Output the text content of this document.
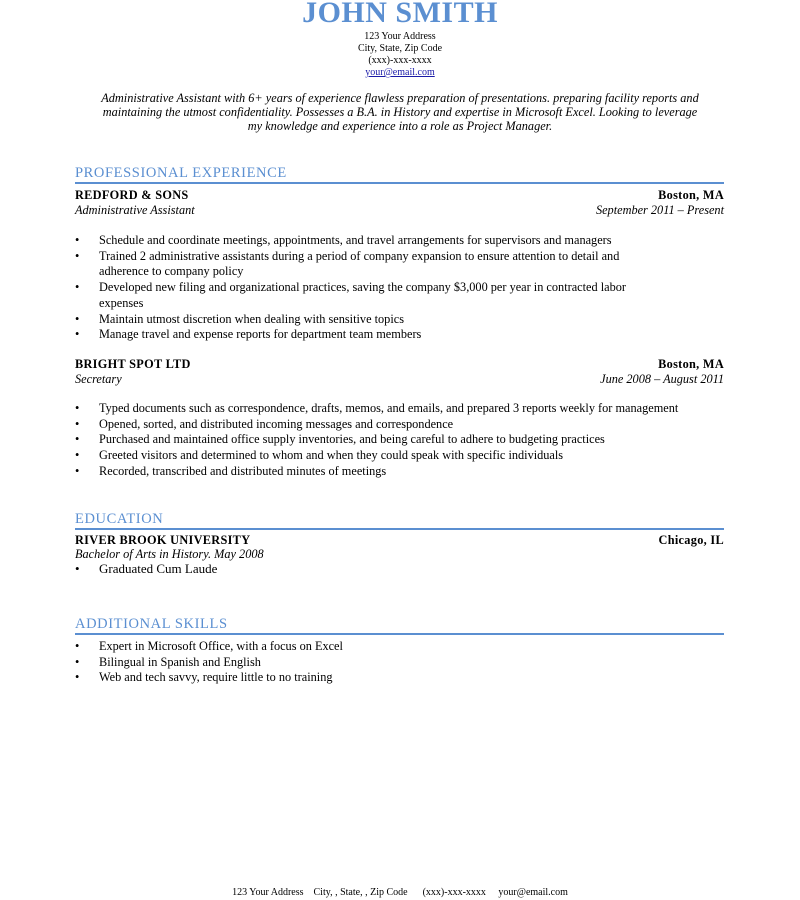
JOHN SMITH
123 Your Address
City, State, Zip Code
(xxx)-xxx-xxxx
your@email.com
Administrative Assistant with 6+ years of experience flawless preparation of presentations. preparing facility reports and
maintaining the utmost confidentiality. Possesses a B.A. in History and expertise in Microsoft Excel. Looking to leverage
my knowledge and experience into a role as Project Manager.
PROFESSIONAL EXPERIENCE
REDFORD & SONS	Boston, MA
Administrative Assistant	September 2011 – Present
• Schedule and coordinate meetings, appointments, and travel arrangements for supervisors and managers
• Trained 2 administrative assistants during a period of company expansion to ensure attention to detail and
adherence to company policy
• Developed new filing and organizational practices, saving the company $3,000 per year in contracted labor
expenses
• Maintain utmost discretion when dealing with sensitive topics
• Manage travel and expense reports for department team members
BRIGHT SPOT LTD	Boston, MA
Secretary	June 2008 – August 2011
• Typed documents such as correspondence, drafts, memos, and emails, and prepared 3 reports weekly for management
• Opened, sorted, and distributed incoming messages and correspondence
• Purchased and maintained office supply inventories, and being careful to adhere to budgeting practices
• Greeted visitors and determined to whom and when they could speak with specific individuals
• Recorded, transcribed and distributed minutes of meetings
EDUCATION
RIVER BROOK UNIVERSITY	Chicago, IL
Bachelor of Arts in History. May 2008
• Graduated Cum Laude
ADDITIONAL SKILLS
• Expert in Microsoft Office, with a focus on Excel
• Bilingual in Spanish and English
• Web and tech savvy, require little to no training
123 Your Address City, , State, , Zip Code (xxx)-xxx-xxxx your@email.com
